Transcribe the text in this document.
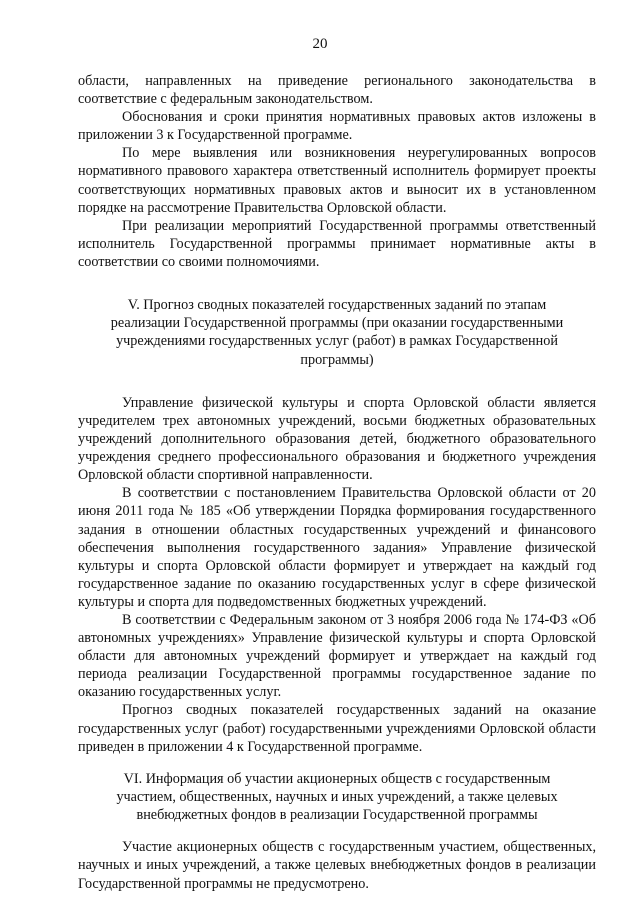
20

области, направленных на приведение регионального законодательства в соответствие с федеральным законодательством.

Обоснования и сроки принятия нормативных правовых актов изложены в приложении 3 к Государственной программе.

По мере выявления или возникновения неурегулированных вопросов нормативного правового характера ответственный исполнитель формирует проекты соответствующих нормативных правовых актов и выносит их в установленном порядке на рассмотрение Правительства Орловской области.

При реализации мероприятий Государственной программы ответственный исполнитель Государственной программы принимает нормативные акты в соответствии со своими полномочиями.

V. Прогноз сводных показателей государственных заданий по этапам реализации Государственной программы (при оказании государственными учреждениями государственных услуг (работ) в рамках Государственной программы)

Управление физической культуры и спорта Орловской области является учредителем трех автономных учреждений, восьми бюджетных образовательных учреждений дополнительного образования детей, бюджетного образовательного учреждения среднего профессионального образования и бюджетного учреждения Орловской области спортивной направленности.

В соответствии с постановлением Правительства Орловской области от 20 июня 2011 года № 185 «Об утверждении Порядка формирования государственного задания в отношении областных государственных учреждений и финансового обеспечения выполнения государственного задания» Управление физической культуры и спорта Орловской области формирует и утверждает на каждый год государственное задание по оказанию государственных услуг в сфере физической культуры и спорта для подведомственных бюджетных учреждений.

В соответствии с Федеральным законом от 3 ноября 2006 года № 174-ФЗ «Об автономных учреждениях» Управление физической культуры и спорта Орловской области для автономных учреждений формирует и утверждает на каждый год периода реализации Государственной программы государственное задание по оказанию государственных услуг.

Прогноз сводных показателей государственных заданий на оказание государственных услуг (работ) государственными учреждениями Орловской области приведен в приложении 4 к Государственной программе.

VI. Информация об участии акционерных обществ с государственным участием, общественных, научных и иных учреждений, а также целевых внебюджетных фондов в реализации Государственной программы

Участие акционерных обществ с государственным участием, общественных, научных и иных учреждений, а также целевых внебюджетных фондов в реализации Государственной программы не предусмотрено.
